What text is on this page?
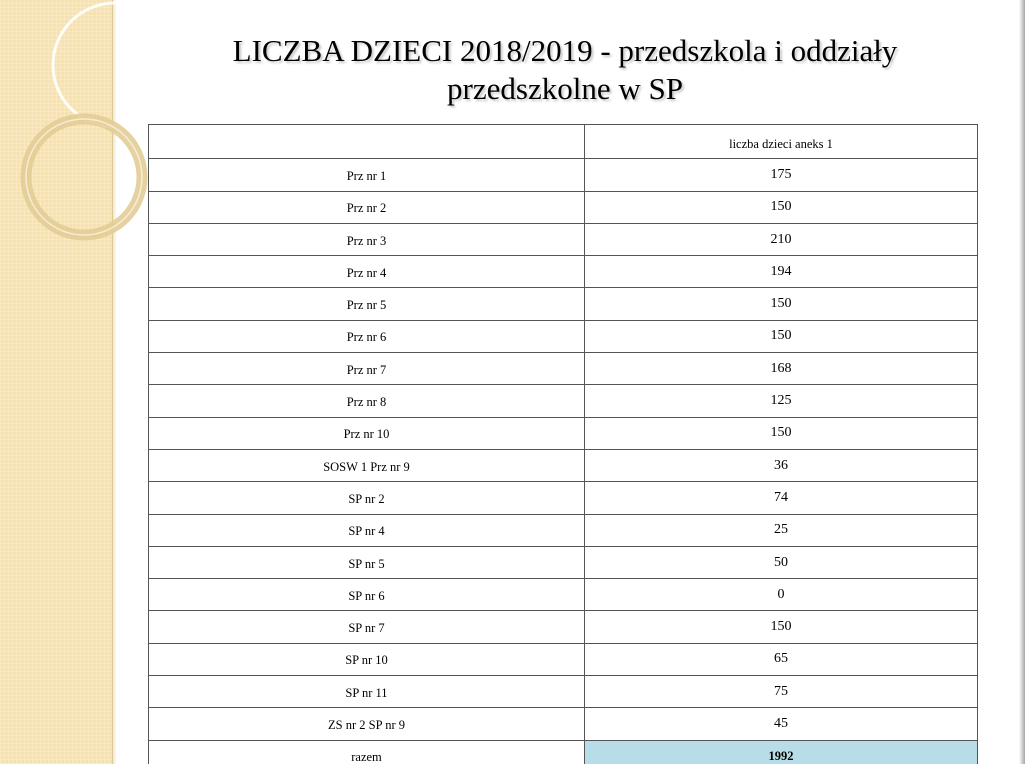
LICZBA DZIECI 2018/2019 - przedszkola i oddziały
przedszkolne w SP
	liczba dzieci aneks 1
Prz nr 1	175
Prz nr 2	150
Prz nr 3	210
Prz nr 4	194
Prz nr 5	150
Prz nr 6	150
Prz nr 7	168
Prz nr 8	125
Prz nr 10	150
SOSW 1 Prz nr 9	36
SP nr 2	74
SP nr 4	25
SP nr 5	50
SP nr 6	0
SP nr 7	150
SP nr 10	65
SP nr 11	75
ZS nr 2 SP nr 9	45
razem	1992
